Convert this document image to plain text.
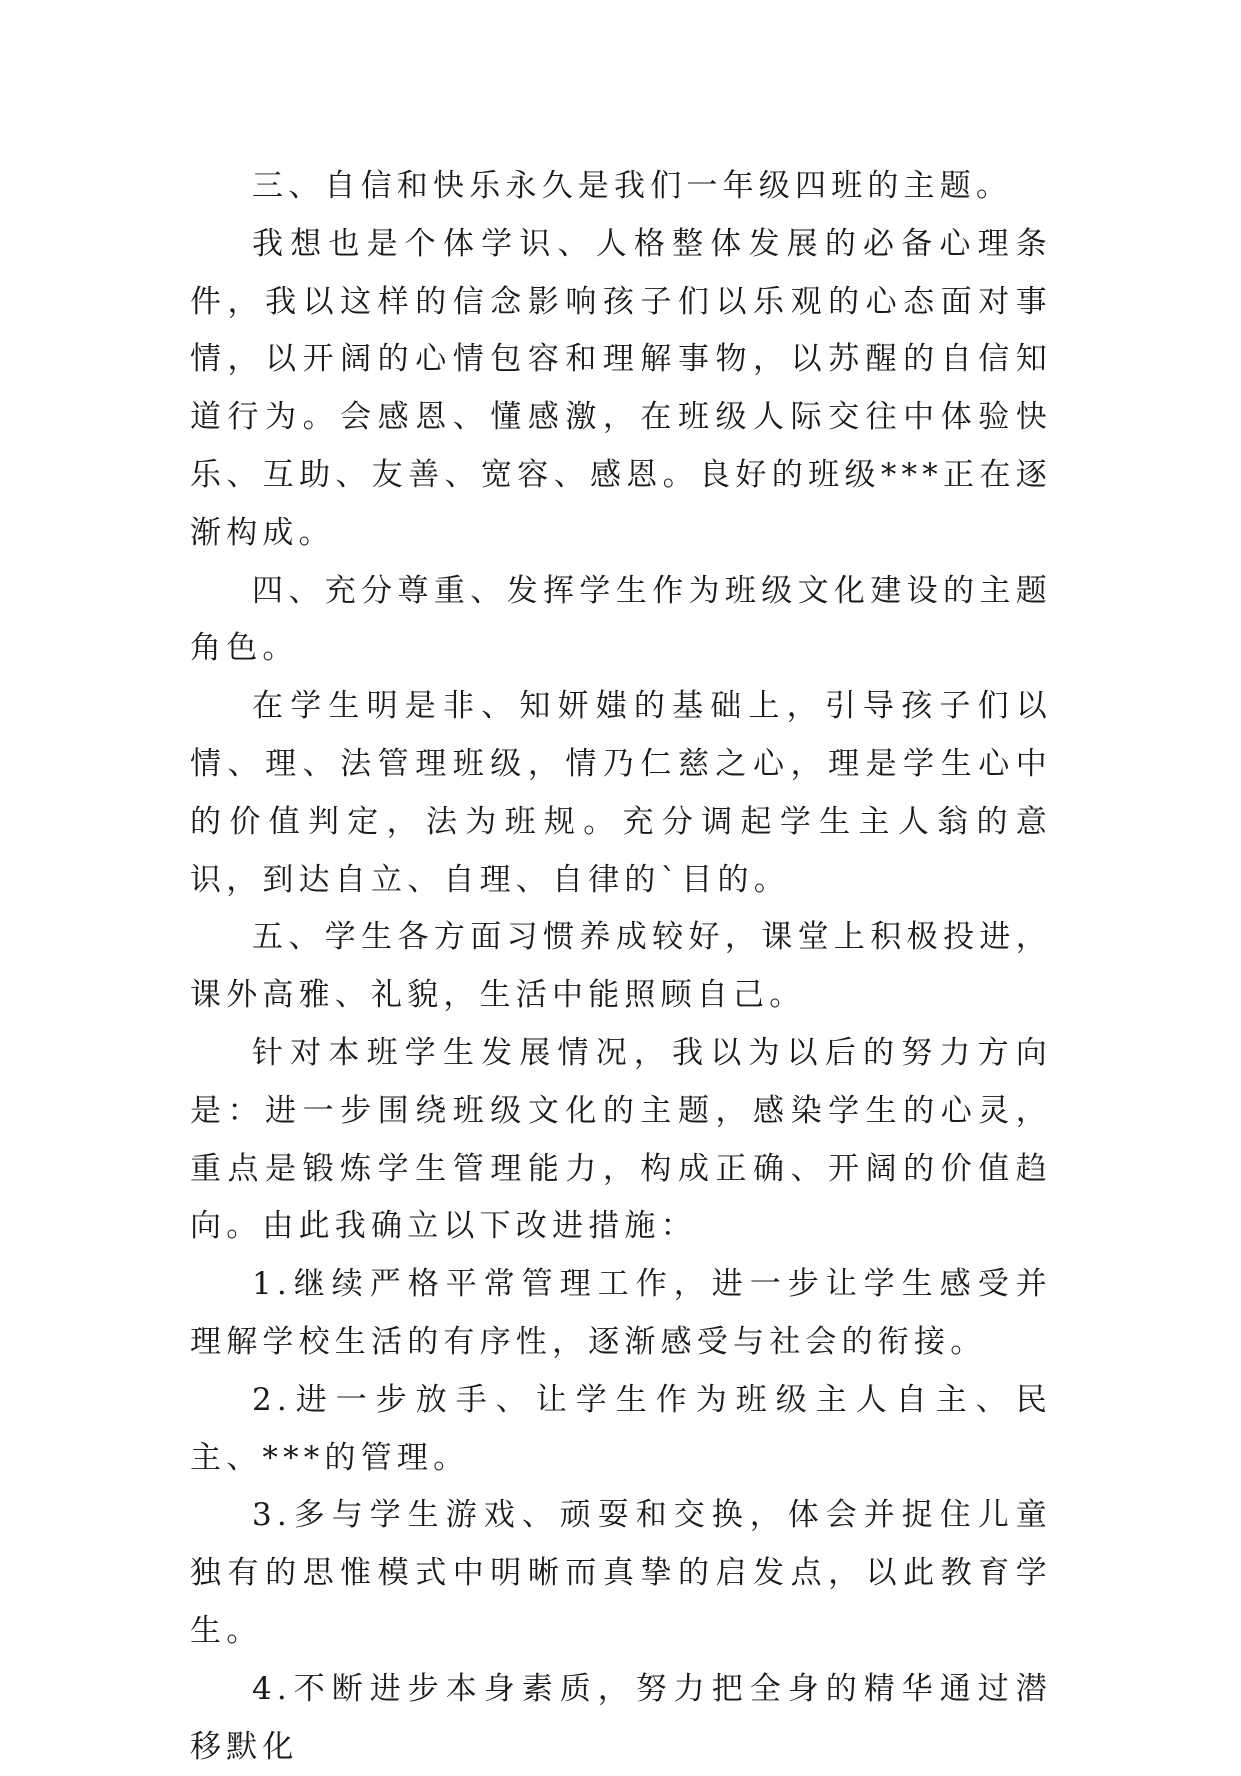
三、自信和快乐永久是我们一年级四班的主题。

我想也是个体学识、人格整体发展的必备心理条件，我以这样的信念影响孩子们以乐观的心态面对事情，以开阔的心情包容和理解事物，以苏醒的自信知道行为。会感恩、懂感激，在班级人际交往中体验快乐、互助、友善、宽容、感恩。良好的班级***正在逐渐构成。

四、充分尊重、发挥学生作为班级文化建设的主题角色。

在学生明是非、知妍媸的基础上，引导孩子们以情、理、法管理班级，情乃仁慈之心，理是学生心中的价值判定，法为班规。充分调起学生主人翁的意识，到达自立、自理、自律的`目的。

五、学生各方面习惯养成较好，课堂上积极投进，课外高雅、礼貌，生活中能照顾自己。

针对本班学生发展情况，我以为以后的努力方向是：进一步围绕班级文化的主题，感染学生的心灵，重点是锻炼学生管理能力，构成正确、开阔的价值趋向。由此我确立以下改进措施：

1.继续严格平常管理工作，进一步让学生感受并理解学校生活的有序性，逐渐感受与社会的衔接。

2.进一步放手、让学生作为班级主人自主、民主、***的管理。

3.多与学生游戏、顽耍和交换，体会并捉住儿童独有的思惟模式中明晰而真挚的启发点，以此教育学生。

4.不断进步本身素质，努力把全身的精华通过潜移默化
